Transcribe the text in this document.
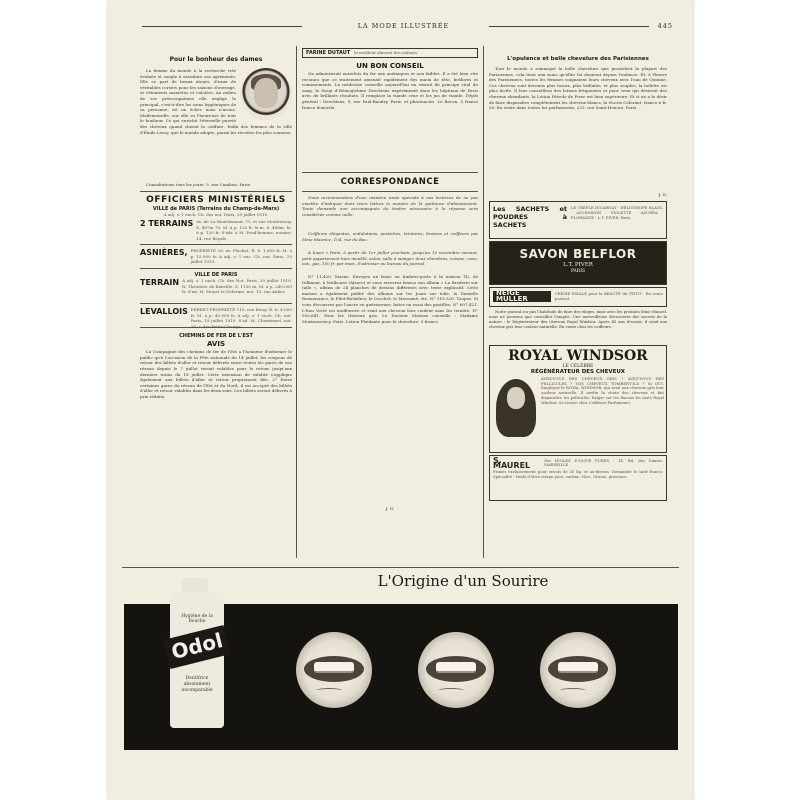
LA MODE ILLUSTRÉE	445
Pour le bonheur des dames

La femme du monde à la recherche très évoluée et souple à satisfaire ses agréments. Elle se part de beaux atours, d'eaux de véritables corsets pour les saisons d'ouvrage, et vêtements manières et culottes. Au milieu de ses préoccupations elle néglige le principal, c'est-à-dire les soins hygiéniques de sa personne, tel un échec nous n'avons. Mademoiselle, sur elle va l'heureuse de tout le bonheur. Ce qui enrichit l'éternelle pureté des cheveux quand choisit la coiffure. Enfin des femmes de la ville d'Émile Leroy, que le monde adopte, parmi les recettes les plus connues.

Consultations tous les jours, 5, rue Cambon, Paris.

OFFICIERS MINISTÉRIELS
VILLE de PARIS (Terrains du Champ-de-Mars)

A adj. s' 1 ench. Ch. des not. Paris, 29 juillet 1910.

2 TERRAINS Av. de La Bourdonnais 73, et rue Monttessuy. S. 497m 70. M. à p. 120 fr. le m. S. 468m. M. à p. 120 fr. S'adr. à M. Prud'homme, notaire, 14, rue Royale.
ASNIÈRES, PROPRIÉTÉ 26, av. Flachat. R. b. 1.600 fr. M. à p. 15.000 fr. A adj. s' 1 enc. Ch. not. Paris, 19 juillet 1910.
VILLE DE PARIS
TERRAIN A adj. s' 1 ench. Ch. des Not. Paris, 29 juillet 1910. R. Théodore de Banville. S. 1150 m. M. à p. 240.000 fr. S'ad. M. Monet et Delorme, not. 13, rue Auber.
LEVALLOIS PERRET PROPRIÉTÉ 115, rue Rivay. R. b. 4.000 fr. M. à p. 40.000 fr. A adj. s' 1 ench. Ch. not. Paris, 19 juillet 1910. S'ad. M. Cheminard, not. 56, r. des Petits-Champs.
CHEMINS DE FER DE L'EST
AVIS

La Compagnie des chemins de fer de l'Est a l'honneur d'informer le public qu'à l'occasion de la Fête nationale du 14 juillet, les coupons de retour des billets d'aller et retour délivrés entre toutes les gares de son réseau depuis le 7 juillet seront valables pour le retour jusqu'aux derniers trains du 18 juillet. Cette extension de validité s'applique également aux billets d'aller et retour proprement dits. 2° Entre certaines gares du réseau de l'Est et du Nord, il est accepté des billets d'aller et retour valables dans les deux sens. Ces billets seront délivrés à prix réduits.

FARINE DUTAUT le meilleur aliment des enfants
UN BON CONSEIL

On administrait autrefois du fer aux anémiques et aux faibles. Il a été bien vite reconnu que ce traitement amenait rapidement des maux de tête, brûlures et vomissements. La médecine conseille aujourd'hui un extrait de principe vital du sang, le Sirop d'Hémoglobine Deschiens expérimenté dans les hôpitaux de Paris avec de brillants résultats. Il remplace la viande crue et les jus de viande. Dépôt général : Deschiens, 9, rue Paul-Baudry, Paris, et pharmacies. Le flacon, 5 francs franco domicile.

CORRESPONDANCE

Nous recommandons d'une manière toute spéciale à nos lectrices de ne pas omettre d'indiquer dans leurs lettres le numéro de la quittance d'abonnement. Toute demande non accompagnée du timbre nécessaire à la réponse sera considérée comme nulle.

Coiffures élégantes, ondulations, postiches, teintures, brosses et coiffeurs par Mme Maurice, 104, rue du Bac.

A louer « Paris, à partir du 1er juillet prochain, jusqu'au 15 novembre suivant, petit appartement bien meublé, salon, salle à manger, deux chambres, cuisine, cave, eau, gaz, 150 fr. par mois. S'adresser au bureau du journal.

N° 11,420. Marne. Envoyez un franc en timbres-poste à la maison Th. de Dillmont, à Mulhouse (Alsace) et vous recevrez franco son album « La Broderie sur tulle », album de 24 planches de dessins différents avec texte explicatif. Cette maison a également publié des albums sur les Jours sur toile, la Dentelle Renaissance, le Filet-Richelieu, le Crochet, le Macramé, etc. N° 319,520. Toupes. Si vous découvrez pas l'ancre en guérisseuse, faites un essai des pastilles. N° 607.421. L'Eau Verté est inoffensive et rend aux cheveux leur couleur sans les teindre. N° 500,641. Pour les cheveux gris. Le Docteur Matisse conseille : Madame Montmorency, Paris. Lotion Fluidante pour la chevelure, 5 francs.

J. G.
L'opulence et belle chevelure des Parisiennes

Tout le monde a remarqué la belle chevelure que possèdent la plupart des Parisiennes, cela tient aux soins qu'elles lui donnent depuis l'enfance. Et, à l'heure des Parisiennes, toutes les femmes soignaient leurs cheveux avec l'eau de Quinine. Ces cheveux sont devenus plus beaux, plus brillants, et plus souples, la toilette est plus facile. Il leur conseillera des lotions fréquentes et pour ceux qui désirent des cheveux abondants, la Lotion Pétrole de Piver est bien supérieure. Et si en a le désir de faire disparaître complètement les cheveux blancs, la Noctis Colorant, franco 6 fr. 50. En vente dans toutes les parfumeries, 225, rue Saint-Honoré, Paris.

J. G.
Les SACHETS et POUDRES à SACHETS
LE TRÈFLE INCARNAT · HÉLIOTROPE BLANC · ASCENSION · VIOLETTE · AZURÉA · FLORAMYE · L.T. PIVER. Paris.
SAVON BELFLOR
L.T. PIVER
PARIS
NEIGE MULLER
CRÈME IDÉALE pour la BEAUTÉ du TEINT · En vente partout

Notre journal n'a pas l'habitude de faire des éloges, mais avec les produits Mme Maurel, nous ne pouvons que conseiller l'emploi. Une merveilleuse découverte des secrets de la nature : le Régénérateur des cheveux Royal Windsor. Après 40 ans d'essais, il rend aux cheveux gris leur couleur naturelle. En vente chez les coiffeurs.

ROYAL WINDSOR
LE CÉLÈBRE
RÉGÉNÉRATEUR DES CHEVEUX
AVEZ-VOUS DES CHEVEUX GRIS ? AVEZ-VOUS DES PELLICULES ? VOS CHEVEUX TOMBENT-ILS ? Si OUI, Employez le ROYAL WINDSOR, qui rend aux cheveux gris leur couleur naturelle. Il arrête la chute des cheveux et fait disparaître les pellicules. Exiger sur les flacons les mots Royal Windsor. Se trouve chez Coiffeurs-Parfumeurs.
S. MAUREL
Ses HUILES D'OLIVE PURES · 14, Bd. des Dames, MARSEILLE
Primes exclusivement pour envois de 20 kg. et au-dessus. Demander le tarif franco. Spécialité : Huile d'olive vierge pure, surfine, Nice, Grasse, provence.
L'Origine d'un Sourire
Hygiène de la Bouche
Odol
Dentifrice absolument incomparable
